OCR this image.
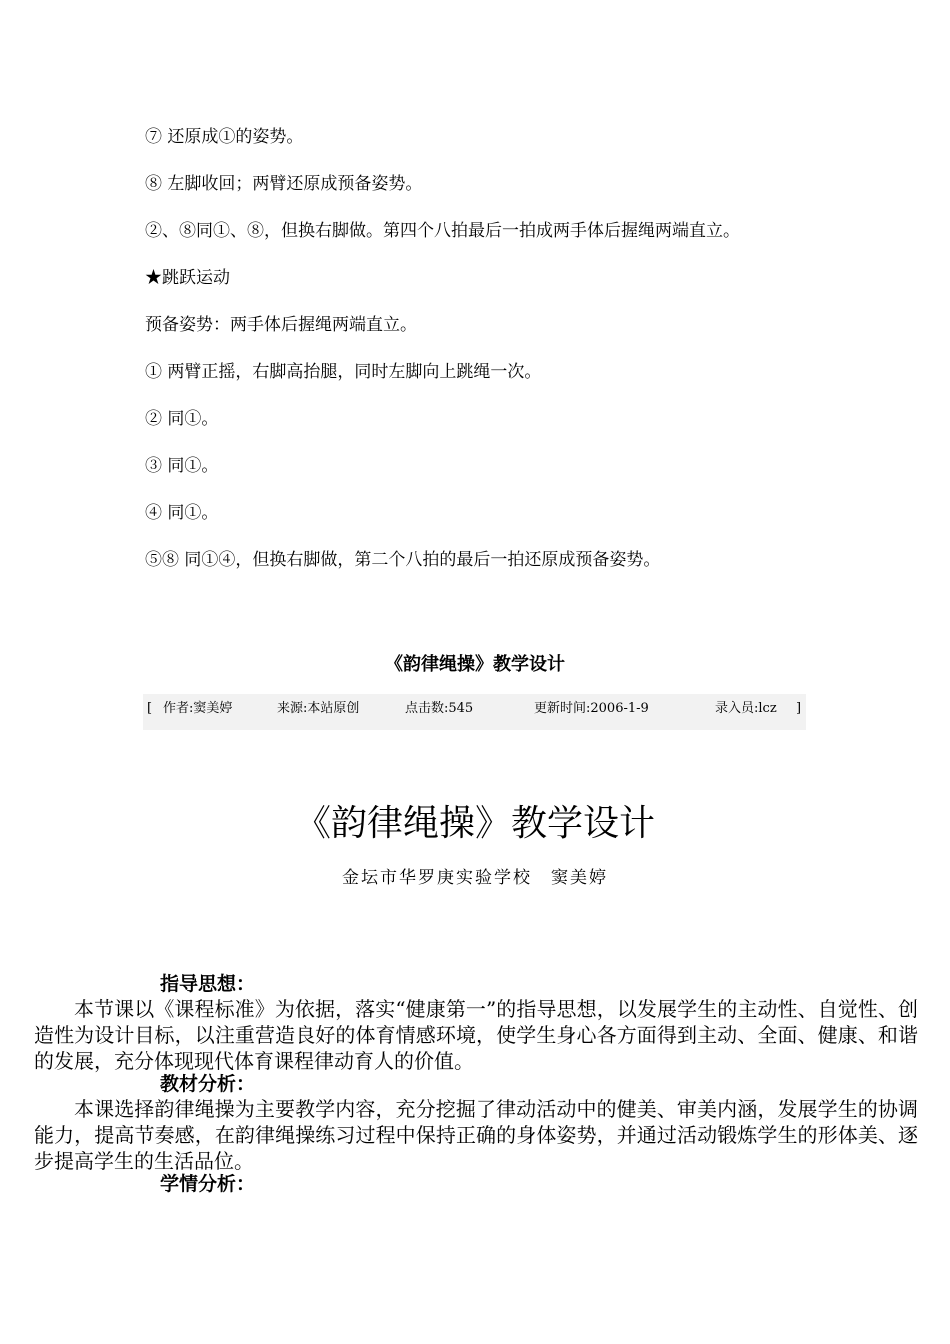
⑦ 还原成①的姿势。
⑧ 左脚收回；两臂还原成预备姿势。
②、⑧同①、⑧，但换右脚做。第四个八拍最后一拍成两手体后握绳两端直立。
★跳跃运动
预备姿势：两手体后握绳两端直立。
① 两臂正摇，右脚高抬腿，同时左脚向上跳绳一次。
② 同①。
③ 同①。
④ 同①。
⑤⑧ 同①④，但换右脚做，第二个八拍的最后一拍还原成预备姿势。
《韵律绳操》教学设计
[ 作者:窦美婷	来源:本站原创	点击数:545	更新时间:2006-1-9	录入员:lcz ]
《韵律绳操》教学设计
金坛市华罗庚实验学校　窦美婷
指导思想：
本节课以《课程标准》为依据，落实“健康第一”的指导思想，以发展学生的主动性、自觉性、创造性为设计目标，以注重营造良好的体育情感环境，使学生身心各方面得到主动、全面、健康、和谐的发展，充分体现现代体育课程律动育人的价值。
教材分析：
本课选择韵律绳操为主要教学内容，充分挖掘了律动活动中的健美、审美内涵，发展学生的协调能力，提高节奏感，在韵律绳操练习过程中保持正确的身体姿势，并通过活动锻炼学生的形体美、逐步提高学生的生活品位。
学情分析：
